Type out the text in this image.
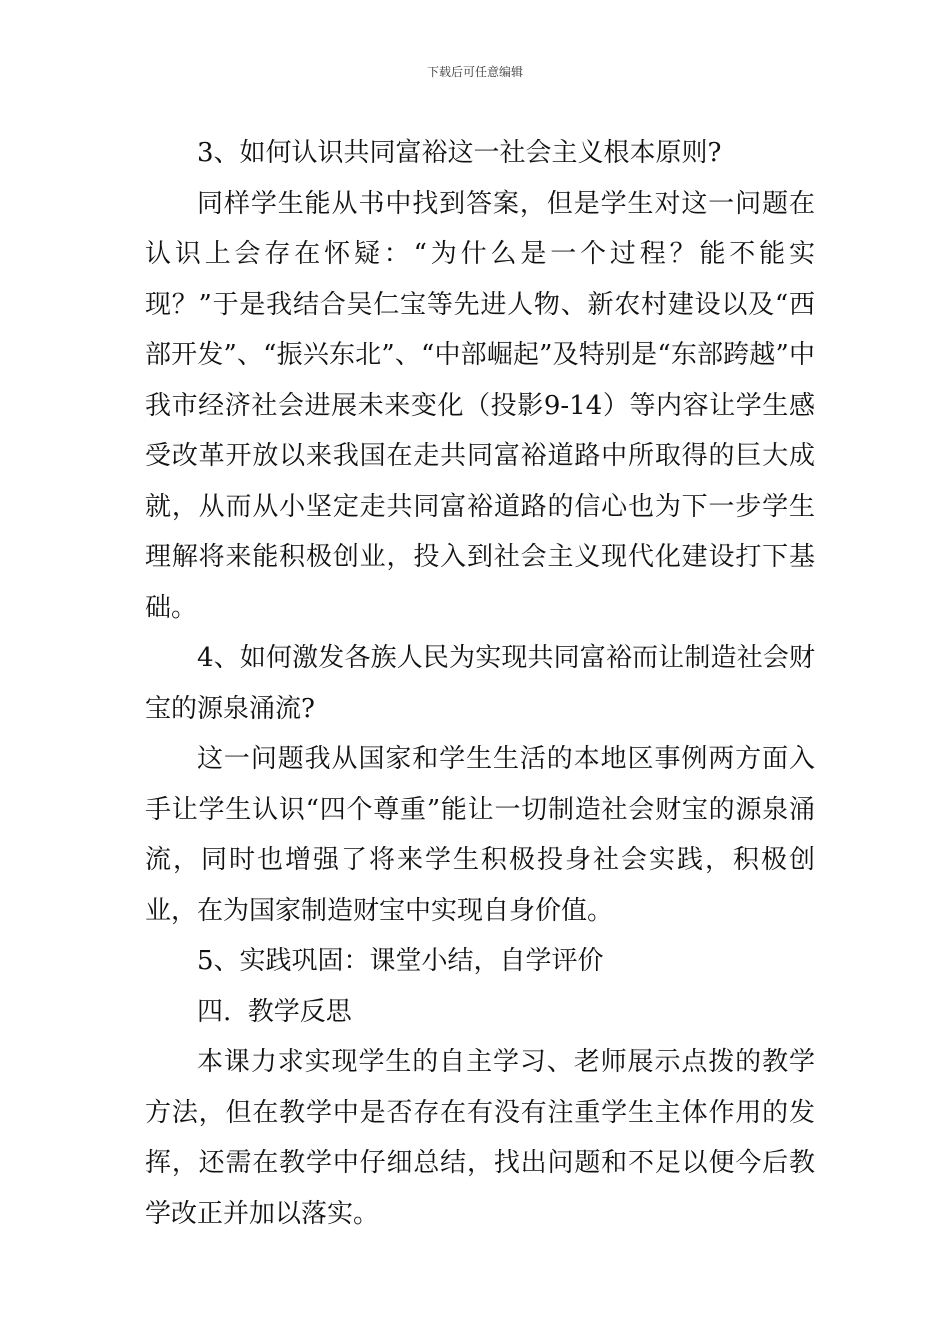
下载后可任意编辑

3、如何认识共同富裕这一社会主义根本原则?

同样学生能从书中找到答案，但是学生对这一问题在认识上会存在怀疑：“为什么是一个过程？能不能实现？”于是我结合吴仁宝等先进人物、新农村建设以及“西部开发”、“振兴东北”、“中部崛起”及特别是“东部跨越”中我市经济社会进展未来变化（投影9-14）等内容让学生感受改革开放以来我国在走共同富裕道路中所取得的巨大成就，从而从小坚定走共同富裕道路的信心也为下一步学生理解将来能积极创业，投入到社会主义现代化建设打下基础。

4、如何激发各族人民为实现共同富裕而让制造社会财宝的源泉涌流?

这一问题我从国家和学生生活的本地区事例两方面入手让学生认识“四个尊重”能让一切制造社会财宝的源泉涌流，同时也增强了将来学生积极投身社会实践，积极创业，在为国家制造财宝中实现自身价值。

5、实践巩固：课堂小结，自学评价

四.  教学反思

本课力求实现学生的自主学习、老师展示点拨的教学方法，但在教学中是否存在有没有注重学生主体作用的发挥，还需在教学中仔细总结，找出问题和不足以便今后教学改正并加以落实。
